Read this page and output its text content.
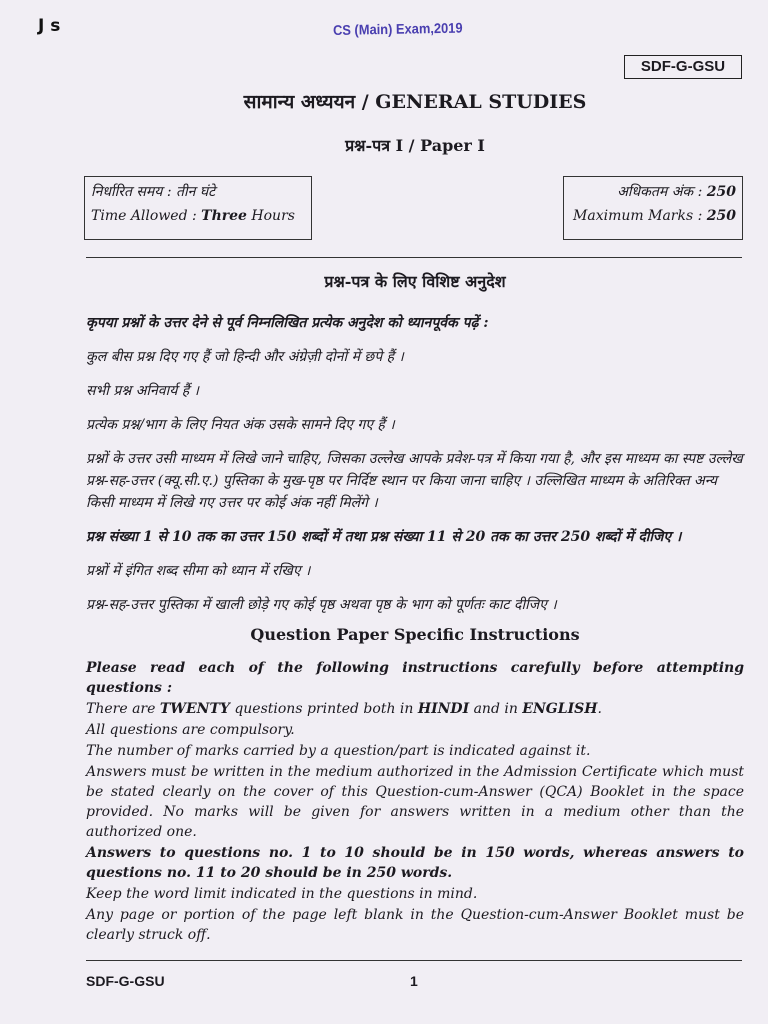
J s	CS (Main) Exam,2019
SDF-G-GSU
सामान्य अध्ययन / GENERAL STUDIES
प्रश्न-पत्र I / Paper I
निर्धारित समय : तीन घंटे
Time Allowed : Three Hours
अधिकतम अंक : 250
Maximum Marks : 250
प्रश्न-पत्र के लिए विशिष्ट अनुदेश

कृपया प्रश्नों के उत्तर देने से पूर्व निम्नलिखित प्रत्येक अनुदेश को ध्यानपूर्वक पढ़ें :

कुल बीस प्रश्न दिए गए हैं जो हिन्दी और अंग्रेज़ी दोनों में छपे हैं ।

सभी प्रश्न अनिवार्य हैं ।

प्रत्येक प्रश्न/भाग के लिए नियत अंक उसके सामने दिए गए हैं ।

प्रश्नों के उत्तर उसी माध्यम में लिखे जाने चाहिए, जिसका उल्लेख आपके प्रवेश-पत्र में किया गया है, और इस माध्यम का स्पष्ट उल्लेख प्रश्न-सह-उत्तर (क्यू.सी.ए.) पुस्तिका के मुख-पृष्ठ पर निर्दिष्ट स्थान पर किया जाना चाहिए । उल्लिखित माध्यम के अतिरिक्त अन्य किसी माध्यम में लिखे गए उत्तर पर कोई अंक नहीं मिलेंगे ।

प्रश्न संख्या 1 से 10 तक का उत्तर 150 शब्दों में तथा प्रश्न संख्या 11 से 20 तक का उत्तर 250 शब्दों में दीजिए ।

प्रश्नों में इंगित शब्द सीमा को ध्यान में रखिए ।

प्रश्न-सह-उत्तर पुस्तिका में खाली छोड़े गए कोई पृष्ठ अथवा पृष्ठ के भाग को पूर्णतः काट दीजिए ।

Question Paper Specific Instructions

Please read each of the following instructions carefully before attempting questions :

There are TWENTY questions printed both in HINDI and in ENGLISH.

All questions are compulsory.

The number of marks carried by a question/part is indicated against it.

Answers must be written in the medium authorized in the Admission Certificate which must be stated clearly on the cover of this Question-cum-Answer (QCA) Booklet in the space provided. No marks will be given for answers written in a medium other than the authorized one.

Answers to questions no. 1 to 10 should be in 150 words, whereas answers to questions no. 11 to 20 should be in 250 words.

Keep the word limit indicated in the questions in mind.

Any page or portion of the page left blank in the Question-cum-Answer Booklet must be clearly struck off.

SDF-G-GSU	1
